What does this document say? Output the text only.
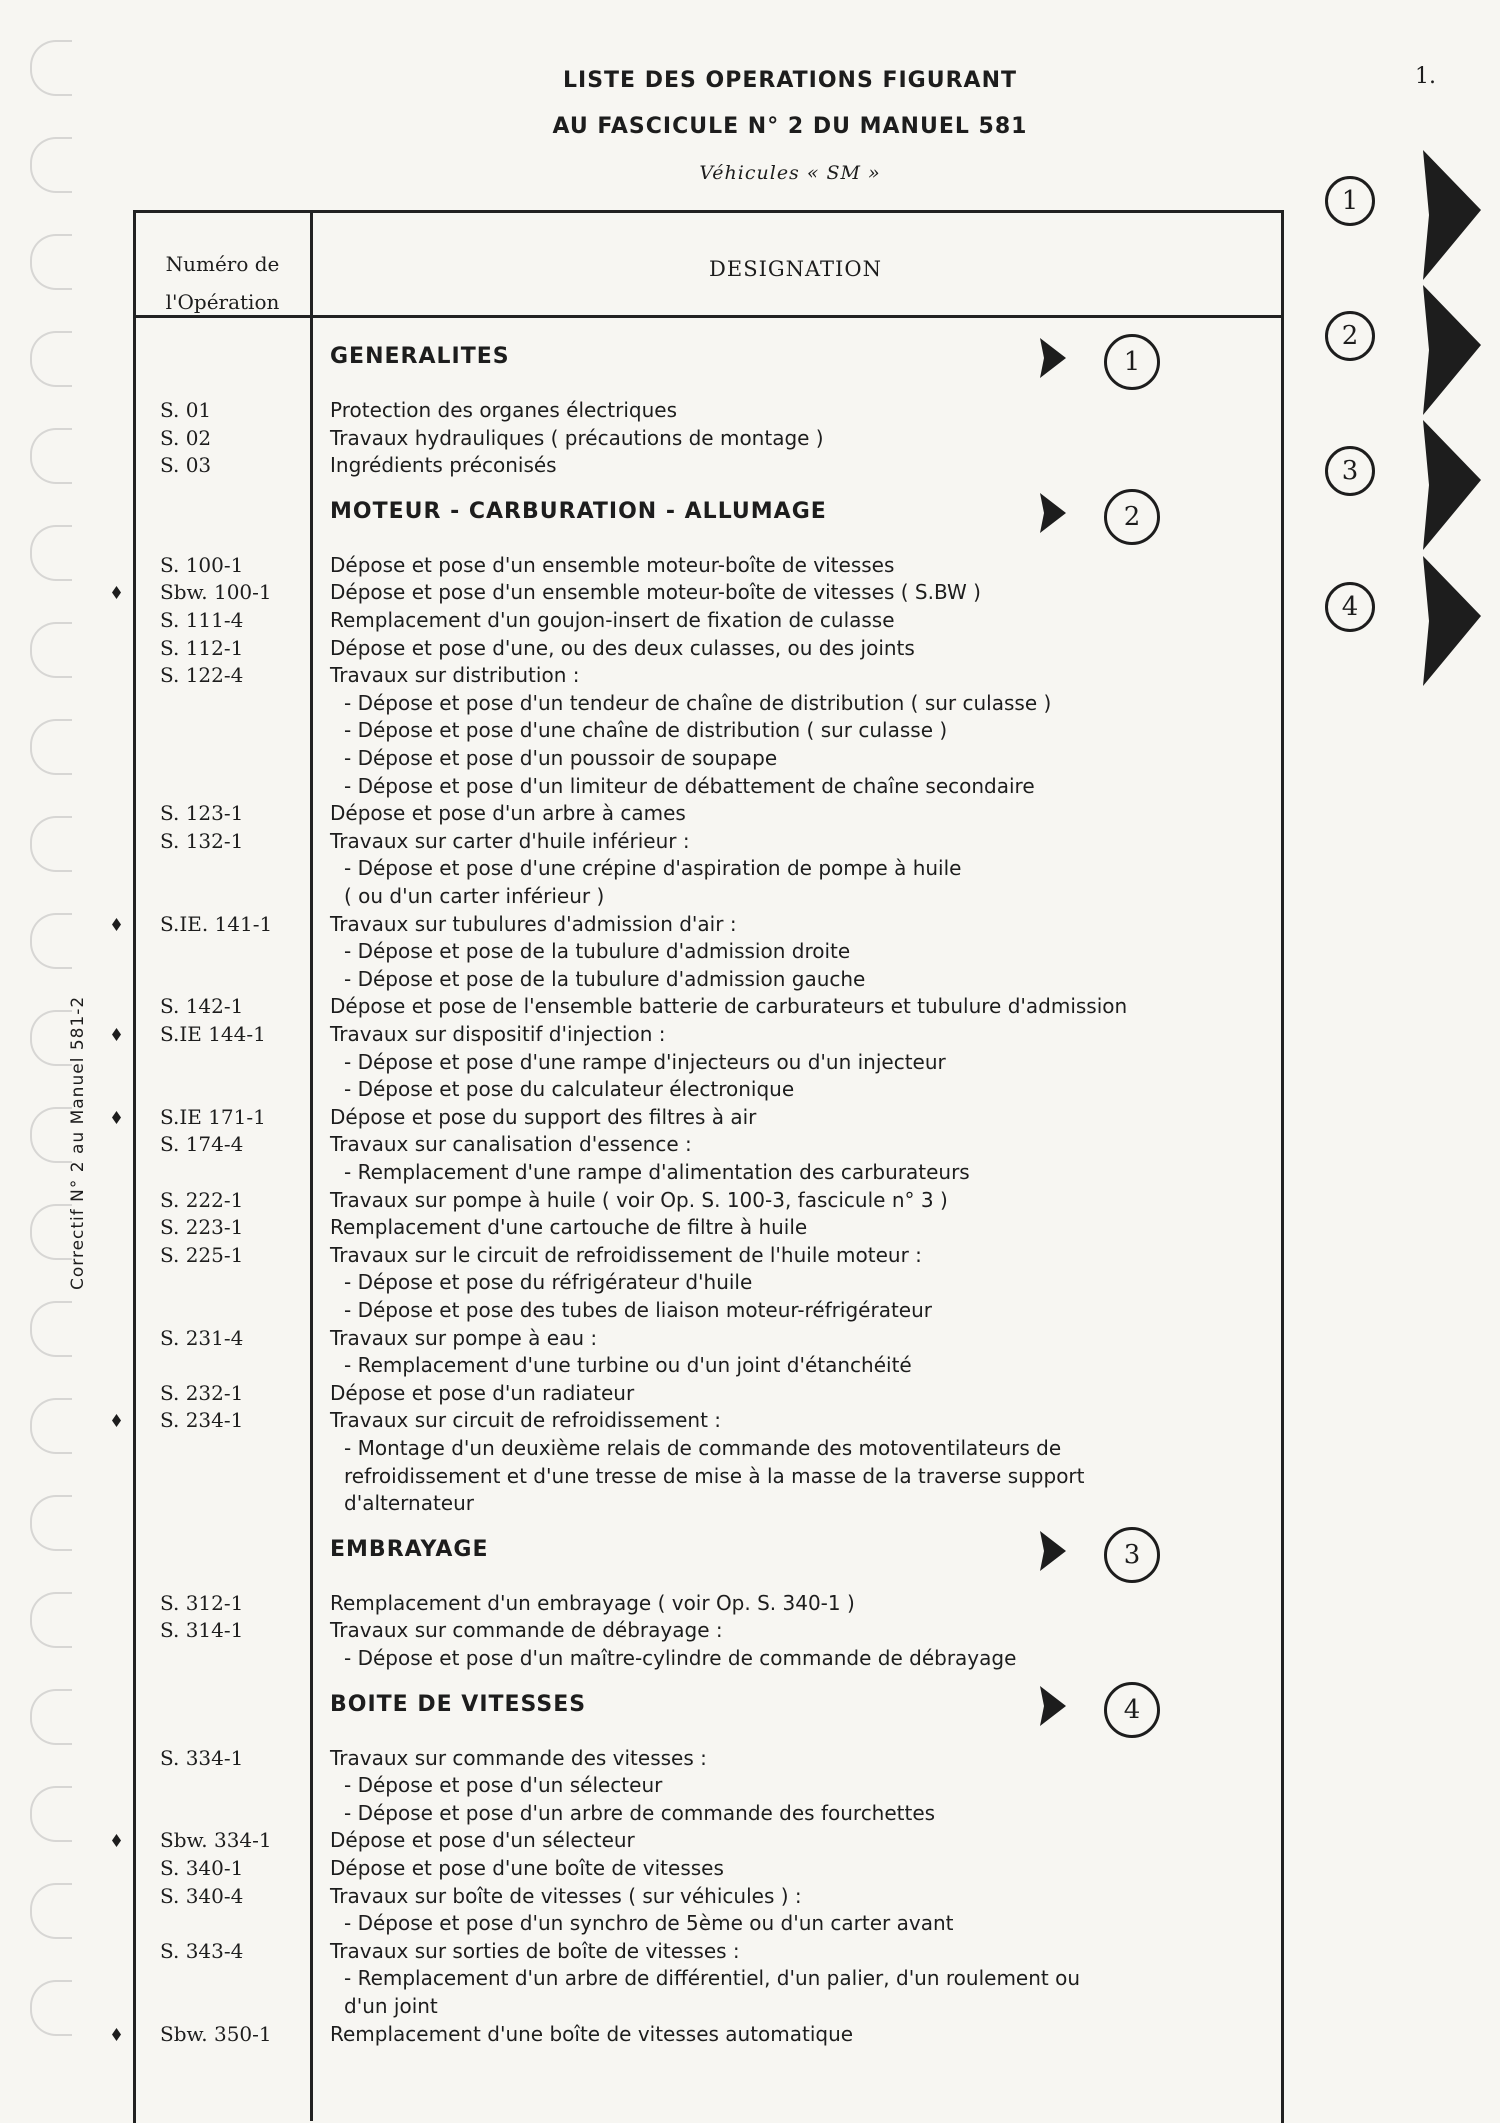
1.
LISTE DES OPERATIONS FIGURANT
AU FASCICULE N° 2 DU MANUEL 581
Véhicules « SM »
Correctif N° 2 au Manuel 581-2
Numéro de
l'Opération
DESIGNATION
1
2
3
4
GENERALITES	1
S. 01	Protection des organes électriques
S. 02	Travaux hydrauliques ( précautions de montage )
S. 03	Ingrédients préconisés
MOTEUR - CARBURATION - ALLUMAGE	2
S. 100-1	Dépose et pose d'un ensemble moteur-boîte de vitesses
Sbw. 100-1	Dépose et pose d'un ensemble moteur-boîte de vitesses ( S.BW )
S. 111-4	Remplacement d'un goujon-insert de fixation de culasse
S. 112-1	Dépose et pose d'une, ou des deux culasses, ou des joints
S. 122-4	Travaux sur distribution :
- Dépose et pose d'un tendeur de chaîne de distribution ( sur culasse )
- Dépose et pose d'une chaîne de distribution ( sur culasse )
- Dépose et pose d'un poussoir de soupape
- Dépose et pose d'un limiteur de débattement de chaîne secondaire
S. 123-1	Dépose et pose d'un arbre à cames
S. 132-1	Travaux sur carter d'huile inférieur :
- Dépose et pose d'une crépine d'aspiration de pompe à huile
( ou d'un carter inférieur )
S.IE. 141-1	Travaux sur tubulures d'admission d'air :
- Dépose et pose de la tubulure d'admission droite
- Dépose et pose de la tubulure d'admission gauche
S. 142-1	Dépose et pose de l'ensemble batterie de carburateurs et tubulure d'admission
S.IE 144-1	Travaux sur dispositif d'injection :
- Dépose et pose d'une rampe d'injecteurs ou d'un injecteur
- Dépose et pose du calculateur électronique
S.IE 171-1	Dépose et pose du support des filtres à air
S. 174-4	Travaux sur canalisation d'essence :
- Remplacement d'une rampe d'alimentation des carburateurs
S. 222-1	Travaux sur pompe à huile ( voir Op. S. 100-3, fascicule n° 3 )
S. 223-1	Remplacement d'une cartouche de filtre à huile
S. 225-1	Travaux sur le circuit de refroidissement de l'huile moteur :
- Dépose et pose du réfrigérateur d'huile
- Dépose et pose des tubes de liaison moteur-réfrigérateur
S. 231-4	Travaux sur pompe à eau :
- Remplacement d'une turbine ou d'un joint d'étanchéité
S. 232-1	Dépose et pose d'un radiateur
S. 234-1	Travaux sur circuit de refroidissement :
- Montage d'un deuxième relais de commande des motoventilateurs de
refroidissement et d'une tresse de mise à la masse de la traverse support
d'alternateur
EMBRAYAGE	3
S. 312-1	Remplacement d'un embrayage ( voir Op. S. 340-1 )
S. 314-1	Travaux sur commande de débrayage :
- Dépose et pose d'un maître-cylindre de commande de débrayage
BOITE DE VITESSES	4
S. 334-1	Travaux sur commande des vitesses :
- Dépose et pose d'un sélecteur
- Dépose et pose d'un arbre de commande des fourchettes
Sbw. 334-1	Dépose et pose d'un sélecteur
S. 340-1	Dépose et pose d'une boîte de vitesses
S. 340-4	Travaux sur boîte de vitesses ( sur véhicules ) :
- Dépose et pose d'un synchro de 5ème ou d'un carter avant
S. 343-4	Travaux sur sorties de boîte de vitesses :
- Remplacement d'un arbre de différentiel, d'un palier, d'un roulement ou
d'un joint
Sbw. 350-1	Remplacement d'une boîte de vitesses automatique
